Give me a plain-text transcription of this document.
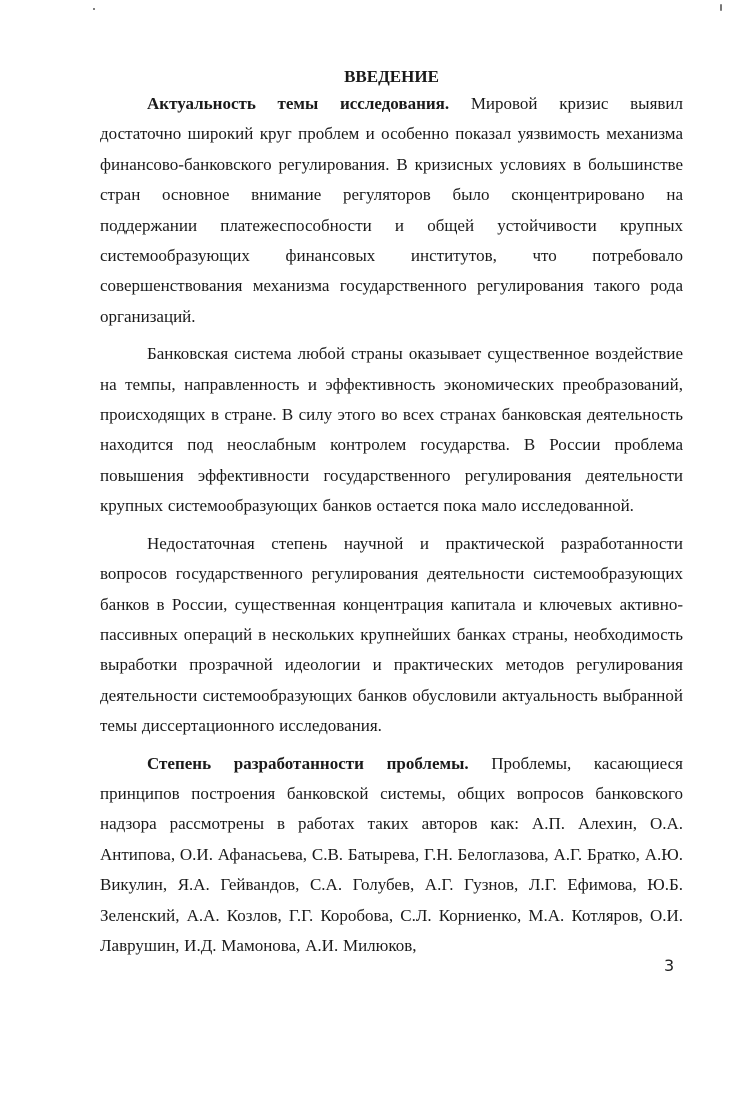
ВВЕДЕНИЕ

Актуальность темы исследования. Мировой кризис выявил достаточно широкий круг проблем и особенно показал уязвимость механизма финансово-банковского регулирования. В кризисных условиях в большинстве стран основное внимание регуляторов было сконцентрировано на поддержании платежеспособности и общей устойчивости крупных системообразующих финансовых институтов, что потребовало совершенствования механизма государственного регулирования такого рода организаций.

Банковская система любой страны оказывает существенное воздействие на темпы, направленность и эффективность экономических преобразований, происходящих в стране. В силу этого во всех странах банковская деятельность находится под неослабным контролем государства. В России проблема повышения эффективности государственного регулирования деятельности крупных системообразующих банков остается пока мало исследованной.

Недостаточная степень научной и практической разработанности вопросов государственного регулирования деятельности системообразующих банков в России, существенная концентрация капитала и ключевых активно-пассивных операций в нескольких крупнейших банках страны, необходимость выработки прозрачной идеологии и практических методов регулирования деятельности системообразующих банков обусловили актуальность выбранной темы диссертационного исследования.

Степень разработанности проблемы. Проблемы, касающиеся принципов построения банковской системы, общих вопросов банковского надзора рассмотрены в работах таких авторов как: А.П. Алехин, О.А. Антипова, О.И. Афанасьева, С.В. Батырева, Г.Н. Белоглазова, А.Г. Братко, А.Ю. Викулин, Я.А. Гейвандов, С.А. Голубев, А.Г. Гузнов, Л.Г. Ефимова, Ю.Б. Зеленский, А.А. Козлов, Г.Г. Коробова, С.Л. Корниенко, М.А. Котляров, О.И. Лаврушин, И.Д. Мамонова, А.И. Милюков,

3
